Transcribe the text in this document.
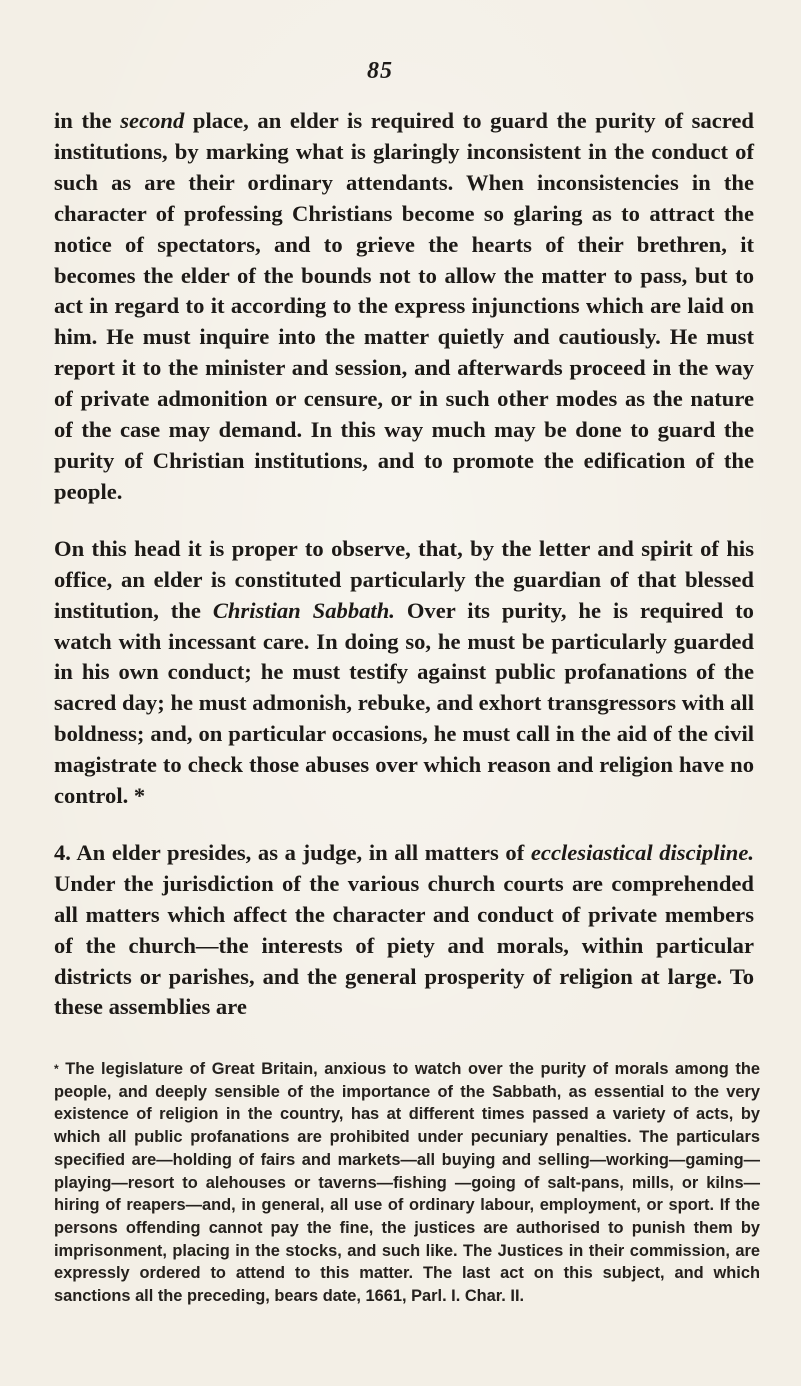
85

in the second place, an elder is required to guard the purity of sacred institutions, by marking what is glaringly inconsistent in the conduct of such as are their ordinary attendants. When inconsistencies in the character of professing Christians become so glaring as to attract the notice of spectators, and to grieve the hearts of their brethren, it becomes the elder of the bounds not to allow the matter to pass, but to act in regard to it according to the express injunctions which are laid on him. He must inquire into the matter quietly and cautiously. He must report it to the minister and session, and afterwards proceed in the way of private admonition or censure, or in such other modes as the nature of the case may demand. In this way much may be done to guard the purity of Christian institutions, and to promote the edification of the people.

On this head it is proper to observe, that, by the letter and spirit of his office, an elder is constituted particularly the guardian of that blessed institution, the Christian Sabbath. Over its purity, he is required to watch with incessant care. In doing so, he must be particularly guarded in his own conduct; he must testify against public profanations of the sacred day; he must admonish, rebuke, and exhort transgressors with all boldness; and, on particular occasions, he must call in the aid of the civil magistrate to check those abuses over which reason and religion have no control. *

4. An elder presides, as a judge, in all matters of ecclesiastical discipline. Under the jurisdiction of the various church courts are comprehended all matters which affect the character and conduct of private members of the church—the interests of piety and morals, within particular districts or parishes, and the general prosperity of religion at large. To these assemblies are

* The legislature of Great Britain, anxious to watch over the purity of morals among the people, and deeply sensible of the importance of the Sabbath, as essential to the very existence of religion in the country, has at different times passed a variety of acts, by which all public profanations are prohibited under pecuniary penalties. The particulars specified are—holding of fairs and markets—all buying and selling—working—gaming—playing—resort to alehouses or taverns—fishing —going of salt-pans, mills, or kilns—hiring of reapers—and, in general, all use of ordinary labour, employment, or sport. If the persons offending cannot pay the fine, the justices are authorised to punish them by imprisonment, placing in the stocks, and such like. The Justices in their commission, are expressly ordered to attend to this matter. The last act on this subject, and which sanctions all the preceding, bears date, 1661, Parl. I. Char. II.
